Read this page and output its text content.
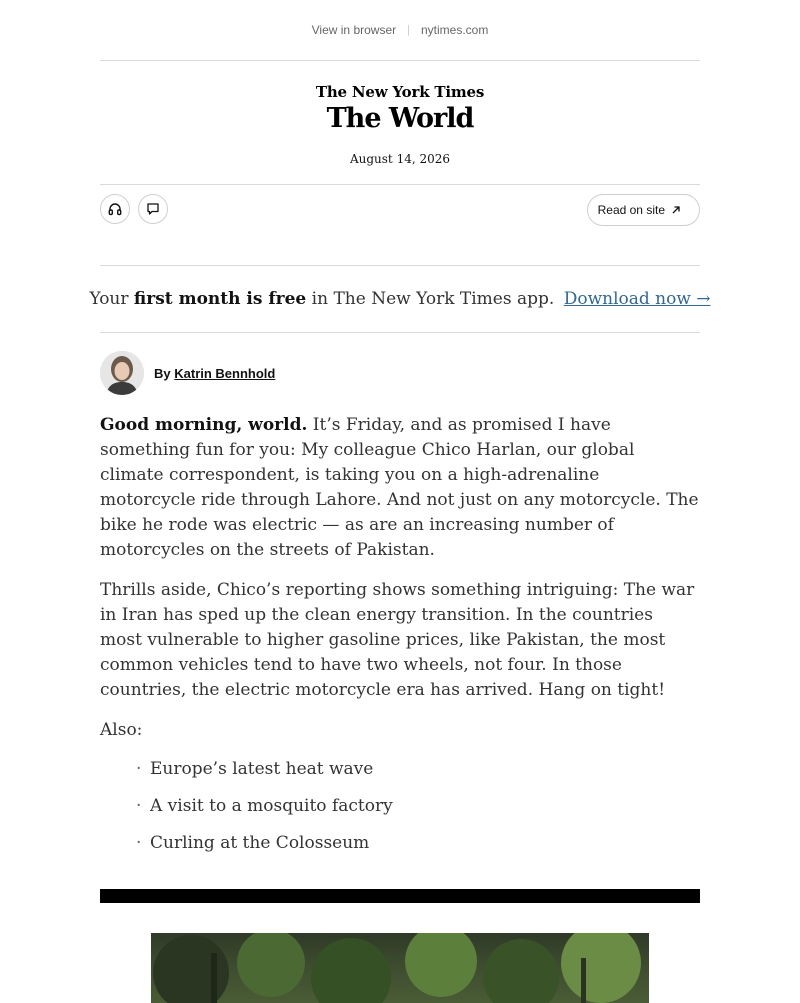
View in browser | nytimes.com
The New York Times
The World
August 14, 2026
Read on site
Your first month is free in The New York Times app. Download now →
By Katrin Bennhold

Good morning, world. It’s Friday, and as promised I have something fun for you: My colleague Chico Harlan, our global climate correspondent, is taking you on a high-adrenaline motorcycle ride through Lahore. And not just on any motorcycle. The bike he rode was electric — as are an increasing number of motorcycles on the streets of Pakistan.

Thrills aside, Chico’s reporting shows something intriguing: The war in Iran has sped up the clean energy transition. In the countries most vulnerable to higher gasoline prices, like Pakistan, the most common vehicles tend to have two wheels, not four. In those countries, the electric motorcycle era has arrived. Hang on tight!

Also:

· Europe’s latest heat wave
· A visit to a mosquito factory
· Curling at the Colosseum
